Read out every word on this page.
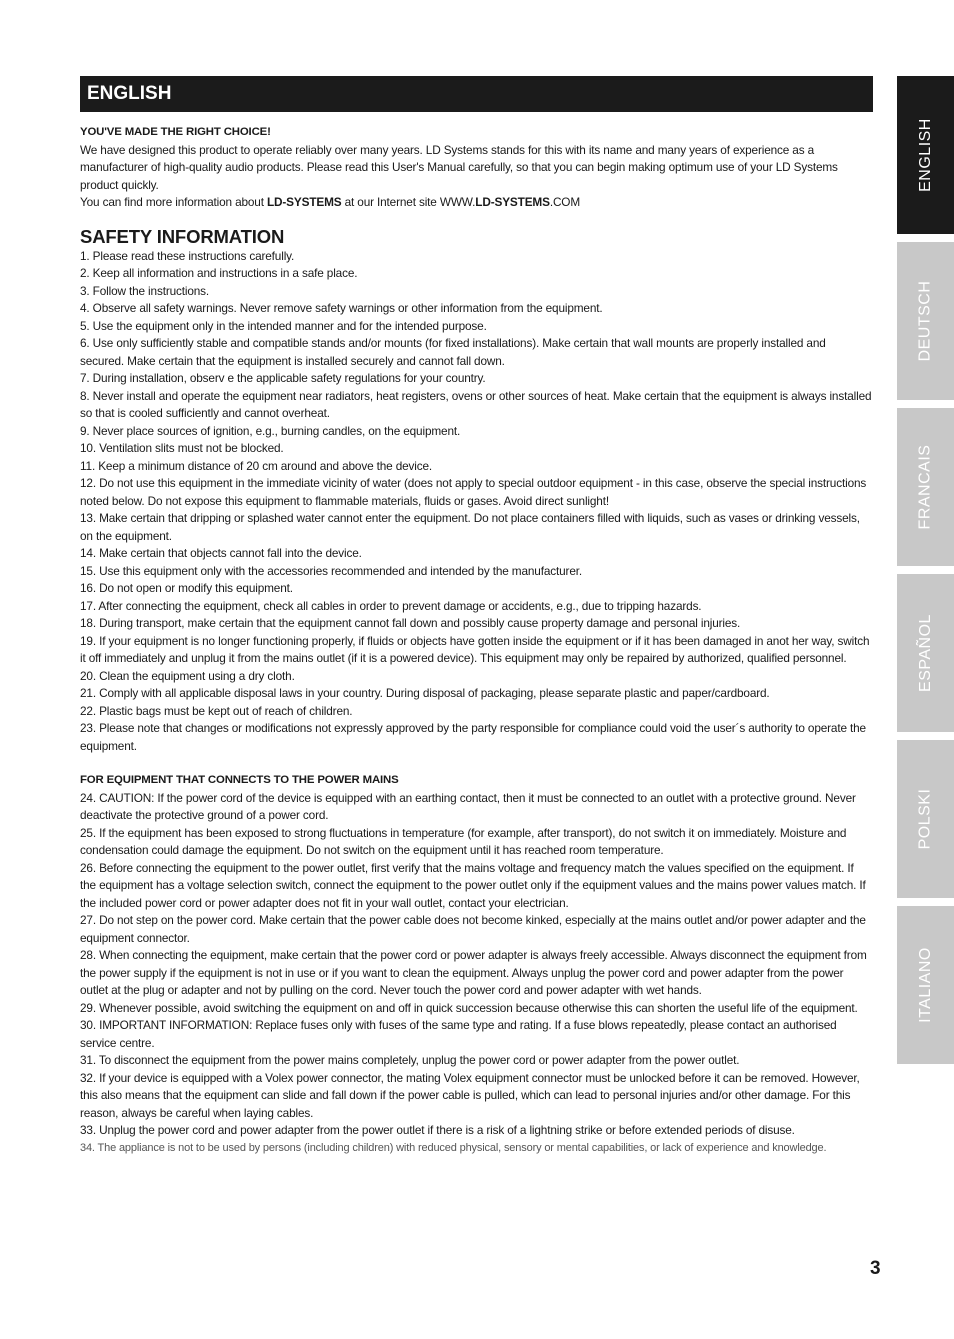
ENGLISH

YOU'VE MADE THE RIGHT CHOICE!

We have designed this product to operate reliably over many years. LD Systems stands for this with its name and many years of experience as a manufacturer of high-quality audio products. Please read this User's Manual carefully, so that you can begin making optimum use of your LD Systems product quickly.

You can find more information about LD-SYSTEMS at our Internet site WWW.LD-SYSTEMS.COM

SAFETY INFORMATION

1. Please read these instructions carefully.

2. Keep all information and instructions in a safe place.

3. Follow the instructions.

4. Observe all safety warnings. Never remove safety warnings or other information from the equipment.

5. Use the equipment only in the intended manner and for the intended purpose.

6. Use only sufficiently stable and compatible stands and/or mounts (for fixed installations). Make certain that wall mounts are properly installed and secured. Make certain that the equipment is installed securely and cannot fall down.

7. During installation, observ e the applicable safety regulations for your country.

8. Never install and operate the equipment near radiators, heat registers, ovens or other sources of heat. Make certain that the equipment is always installed so that is cooled sufficiently and cannot overheat.

9. Never place sources of ignition, e.g., burning candles, on the equipment.

10. Ventilation slits must not be blocked.

11. Keep a minimum distance of 20 cm around and above the device.

12. Do not use this equipment in the immediate vicinity of water (does not apply to special outdoor equipment - in this case, observe the special instructions noted below. Do not expose this equipment to flammable materials, fluids or gases. Avoid direct sunlight!

13. Make certain that dripping or splashed water cannot enter the equipment. Do not place containers filled with liquids, such as vases or drinking vessels, on the equipment.

14. Make certain that objects cannot fall into the device.

15. Use this equipment only with the accessories recommended and intended by the manufacturer.

16. Do not open or modify this equipment.

17. After connecting the equipment, check all cables in order to prevent damage or accidents, e.g., due to tripping hazards.

18. During transport, make certain that the equipment cannot fall down and possibly cause property damage and personal injuries.

19. If your equipment is no longer functioning properly, if fluids or objects have gotten inside the equipment or if it has been damaged in anot her way, switch it off immediately and unplug it from the mains outlet (if it is a powered device). This equipment may only be repaired by authorized, qualified personnel.

20. Clean the equipment using a dry cloth.

21. Comply with all applicable disposal laws in your country. During disposal of packaging, please separate plastic and paper/cardboard.

22. Plastic bags must be kept out of reach of children.

23. Please note that changes or modifications not expressly approved by the party responsible for compliance could void the user´s authority to operate the equipment.

FOR EQUIPMENT THAT CONNECTS TO THE POWER MAINS

24. CAUTION: If the power cord of the device is equipped with an earthing contact, then it must be connected to an outlet with a protective ground. Never deactivate the protective ground of a power cord.

25. If the equipment has been exposed to strong fluctuations in temperature (for example, after transport), do not switch it on immediately. Moisture and condensation could damage the equipment. Do not switch on the equipment until it has reached room temperature.

26. Before connecting the equipment to the power outlet, first verify that the mains voltage and frequency match the values specified on the equipment. If the equipment has a voltage selection switch, connect the equipment to the power outlet only if the equipment values and the mains power values match. If the included power cord or power adapter does not fit in your wall outlet, contact your electrician.

27. Do not step on the power cord. Make certain that the power cable does not become kinked, especially at the mains outlet and/or power adapter and the equipment connector.

28. When connecting the equipment, make certain that the power cord or power adapter is always freely accessible. Always disconnect the equipment from the power supply if the equipment is not in use or if you want to clean the equipment. Always unplug the power cord and power adapter from the power outlet at the plug or adapter and not by pulling on the cord. Never touch the power cord and power adapter with wet hands.

29. Whenever possible, avoid switching the equipment on and off in quick succession because otherwise this can shorten the useful life of the equipment.

30. IMPORTANT INFORMATION: Replace fuses only with fuses of the same type and rating. If a fuse blows repeatedly, please contact an authorised service centre.

31. To disconnect the equipment from the power mains completely, unplug the power cord or power adapter from the power outlet.

32. If your device is equipped with a Volex power connector, the mating Volex equipment connector must be unlocked before it can be removed. However, this also means that the equipment can slide and fall down if the power cable is pulled, which can lead to personal injuries and/or other damage. For this reason, always be careful when laying cables.

33. Unplug the power cord and power adapter from the power outlet if there is a risk of a lightning strike or before extended periods of disuse.

34. The appliance is not to be used by persons (including children) with reduced physical, sensory or mental capabilities, or lack of experience and knowledge.

ENGLISH
DEUTSCH
FRANCAIS
ESPAÑOL
POLSKI
ITALIANO
3
